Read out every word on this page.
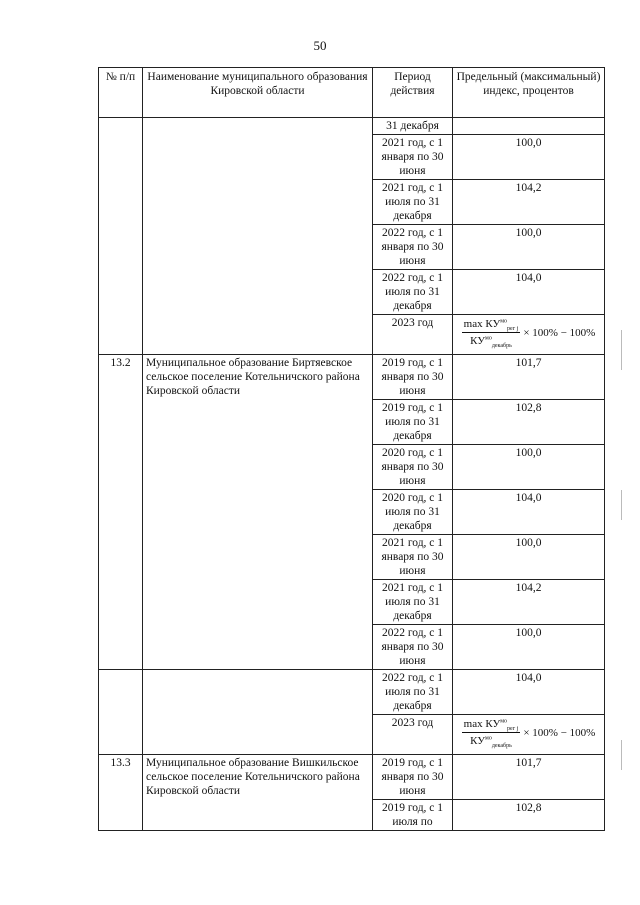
50
№ п/п	Наименование муниципального образования Кировской области	Период действия	Предельный (максимальный) индекс, процентов
		31 декабря	
		2021 год, с 1 января по 30 июня	100,0
		2021 год, с 1 июля по 31 декабря	104,2
		2022 год, с 1 января по 30 июня	100,0
		2022 год, с 1 июля по 31 декабря	104,0
		2023 год	$\frac{\max КУ^{мо}_{рег j}}{КУ^{мо}_{декабрь}} \times 100\% - 100\%$

13.2	Муниципальное образование Биртяевское сельское поселение Котельничского района Кировской области	2019 год, с 1 января по 30 июня	101,7
		2019 год, с 1 июля по 31 декабря	102,8
		2020 год, с 1 января по 30 июня	100,0
		2020 год, с 1 июля по 31 декабря	104,0
		2021 год, с 1 января по 30 июня	100,0
		2021 год, с 1 июля по 31 декабря	104,2
		2022 год, с 1 января по 30 июня	100,0
		2022 год, с 1 июля по 31 декабря	104,0
		2023 год	$\frac{\max КУ^{мо}_{рег j}}{КУ^{мо}_{декабрь}} \times 100\% - 100\%$

13.3	Муниципальное образование Вишкильское сельское поселение Котельничского района Кировской области	2019 год, с 1 января по 30 июня	101,7
		2019 год, с 1 июля по	102,8
